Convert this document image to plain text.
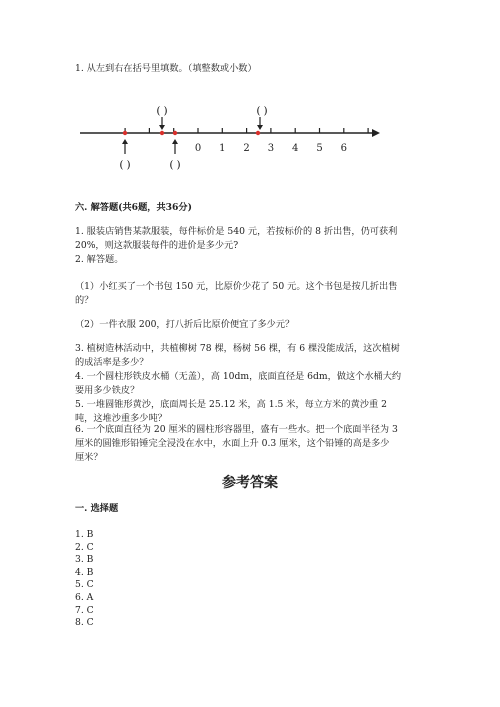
1. 从左到右在括号里填数。（填整数或小数）
0 1 2 3 4 5 6
( )	( )
( )	( )
六. 解答题(共6题，共36分)
1. 服装店销售某款服装，每件标价是 540 元，若按标价的 8 折出售，仍可获利
20%，则这款服装每件的进价是多少元?
2. 解答题。
（1）小红买了一个书包 150 元，比原价少花了 50 元。这个书包是按几折出售
的？
（2）一件衣服 200，打八折后比原价便宜了多少元？
3. 植树造林活动中，共植柳树 78 棵，杨树 56 棵，有 6 棵没能成活，这次植树
的成活率是多少？
4. 一个圆柱形铁皮水桶（无盖），高 10dm，底面直径是 6dm，做这个水桶大约
要用多少铁皮？
5. 一堆圆锥形黄沙，底面周长是 25.12 米，高 1.5 米，每立方米的黄沙重 2
吨，这堆沙重多少吨？
6. 一个底面直径为 20 厘米的圆柱形容器里，盛有一些水。把一个底面半径为 3
厘米的圆锥形铅锤完全浸没在水中，水面上升 0.3 厘米，这个铅锤的高是多少
厘米？
参考答案
一. 选择题
1. B
2. C
3. B
4. B
5. C
6. A
7. C
8. C
